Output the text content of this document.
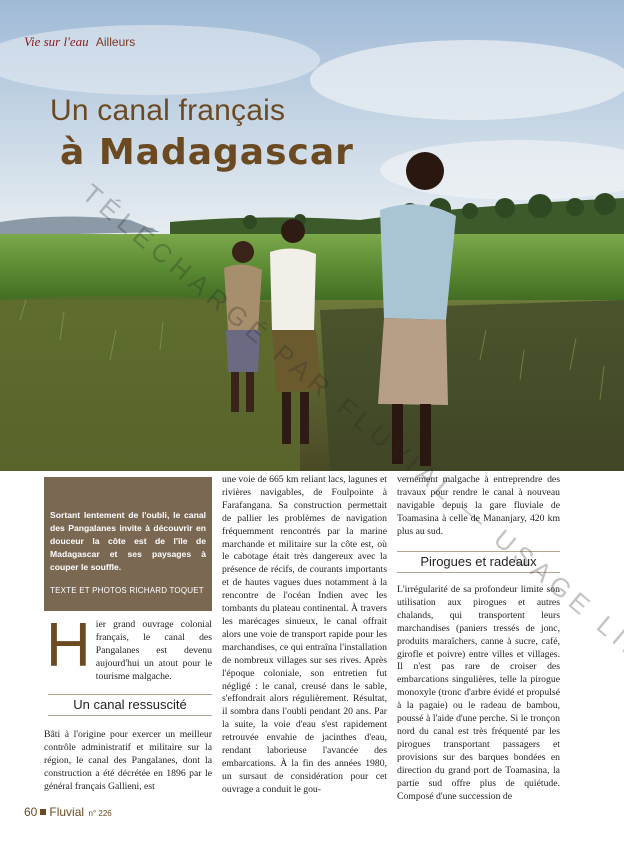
Vie sur l'eau Ailleurs
Un canal français
à Madagascar
TÉLÉCHARGÉ PAR FLUVIAL — USAGE LIMITÉ

Sortant lentement de l'oubli, le canal des Pangalanes invite à découvrir en douceur la côte est de l'île de Madagascar et ses paysages à couper le souffle.

TEXTE ET PHOTOS RICHARD TOQUET

H ier grand ouvrage colonial français, le canal des Pangalanes est devenu aujourd'hui un atout pour le tourisme malgache.

Un canal ressuscité

Bâti à l'origine pour exercer un meilleur contrôle administratif et militaire sur la région, le canal des Pangalanes, dont la construction a été décrétée en 1896 par le général français Gallieni, est

une voie de 665 km reliant lacs, lagunes et rivières navigables, de Foulpointe à Farafangana. Sa construction permettait de pallier les problèmes de navigation fréquemment rencontrés par la marine marchande et militaire sur la côte est, où le cabotage était très dangereux avec la présence de récifs, de courants importants et de hautes vagues dues notamment à la rencontre de l'océan Indien avec les tombants du plateau continental. À travers les marécages sinueux, le canal offrait alors une voie de transport rapide pour les marchandises, ce qui entraîna l'installation de nombreux villages sur ses rives. Après l'époque coloniale, son entretien fut négligé : le canal, creusé dans le sable, s'effondrait alors régulièrement. Résultat, il sombra dans l'oubli pendant 20 ans. Par la suite, la voie d'eau s'est rapidement retrouvée envahie de jacinthes d'eau, rendant laborieuse l'avancée des embarcations. À la fin des années 1980, un sursaut de considération pour cet ouvrage a conduit le gou-

vernement malgache à entreprendre des travaux pour rendre le canal à nouveau navigable depuis la gare fluviale de Toamasina à celle de Mananjary, 420 km plus au sud.

Pirogues et radeaux

L'irrégularité de sa profondeur limite son utilisation aux pirogues et autres chalands, qui transportent leurs marchandises (paniers tressés de jonc, produits maraîchers, canne à sucre, café, girofle et poivre) entre villes et villages. Il n'est pas rare de croiser des embarcations singulières, telle la pirogue monoxyle (tronc d'arbre évidé et propulsé à la pagaie) ou le radeau de bambou, poussé à l'aide d'une perche. Si le tronçon nord du canal est très fréquenté par les pirogues transportant passagers et provisions sur des barques bondées en direction du grand port de Toamasina, la partie sud offre plus de quiétude. Composé d'une succession de

60 Fluvial n° 226
